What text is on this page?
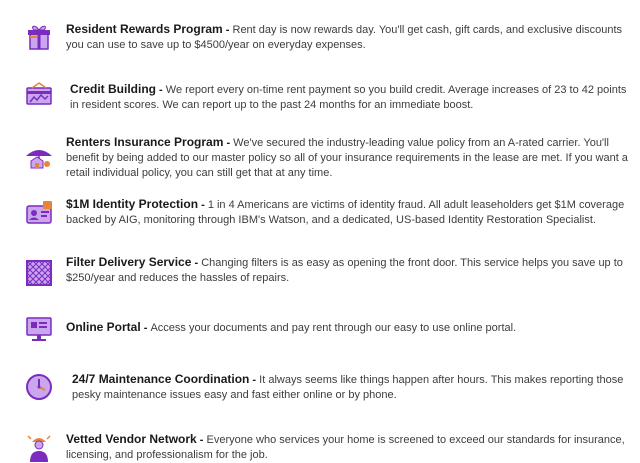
Resident Rewards Program - Rent day is now rewards day. You'll get cash, gift cards, and exclusive discounts you can use to save up to $4500/year on everyday expenses.
Credit Building - We report every on-time rent payment so you build credit. Average increases of 23 to 42 points in resident scores. We can report up to the past 24 months for an immediate boost.
Renters Insurance Program - We've secured the industry-leading value policy from an A-rated carrier. You'll benefit by being added to our master policy so all of your insurance requirements in the lease are met. If you want a retail individual policy, you can still get that at any time.
$1M Identity Protection - 1 in 4 Americans are victims of identity fraud. All adult leaseholders get $1M coverage backed by AIG, monitoring through IBM's Watson, and a dedicated, US-based Identity Restoration Specialist.
Filter Delivery Service - Changing filters is as easy as opening the front door. This service helps you save up to $250/year and reduces the hassles of repairs.
Online Portal - Access your documents and pay rent through our easy to use online portal.
24/7 Maintenance Coordination - It always seems like things happen after hours. This makes reporting those pesky maintenance issues easy and fast either online or by phone.
Vetted Vendor Network - Everyone who services your home is screened to exceed our standards for insurance, licensing, and professionalism for the job.
